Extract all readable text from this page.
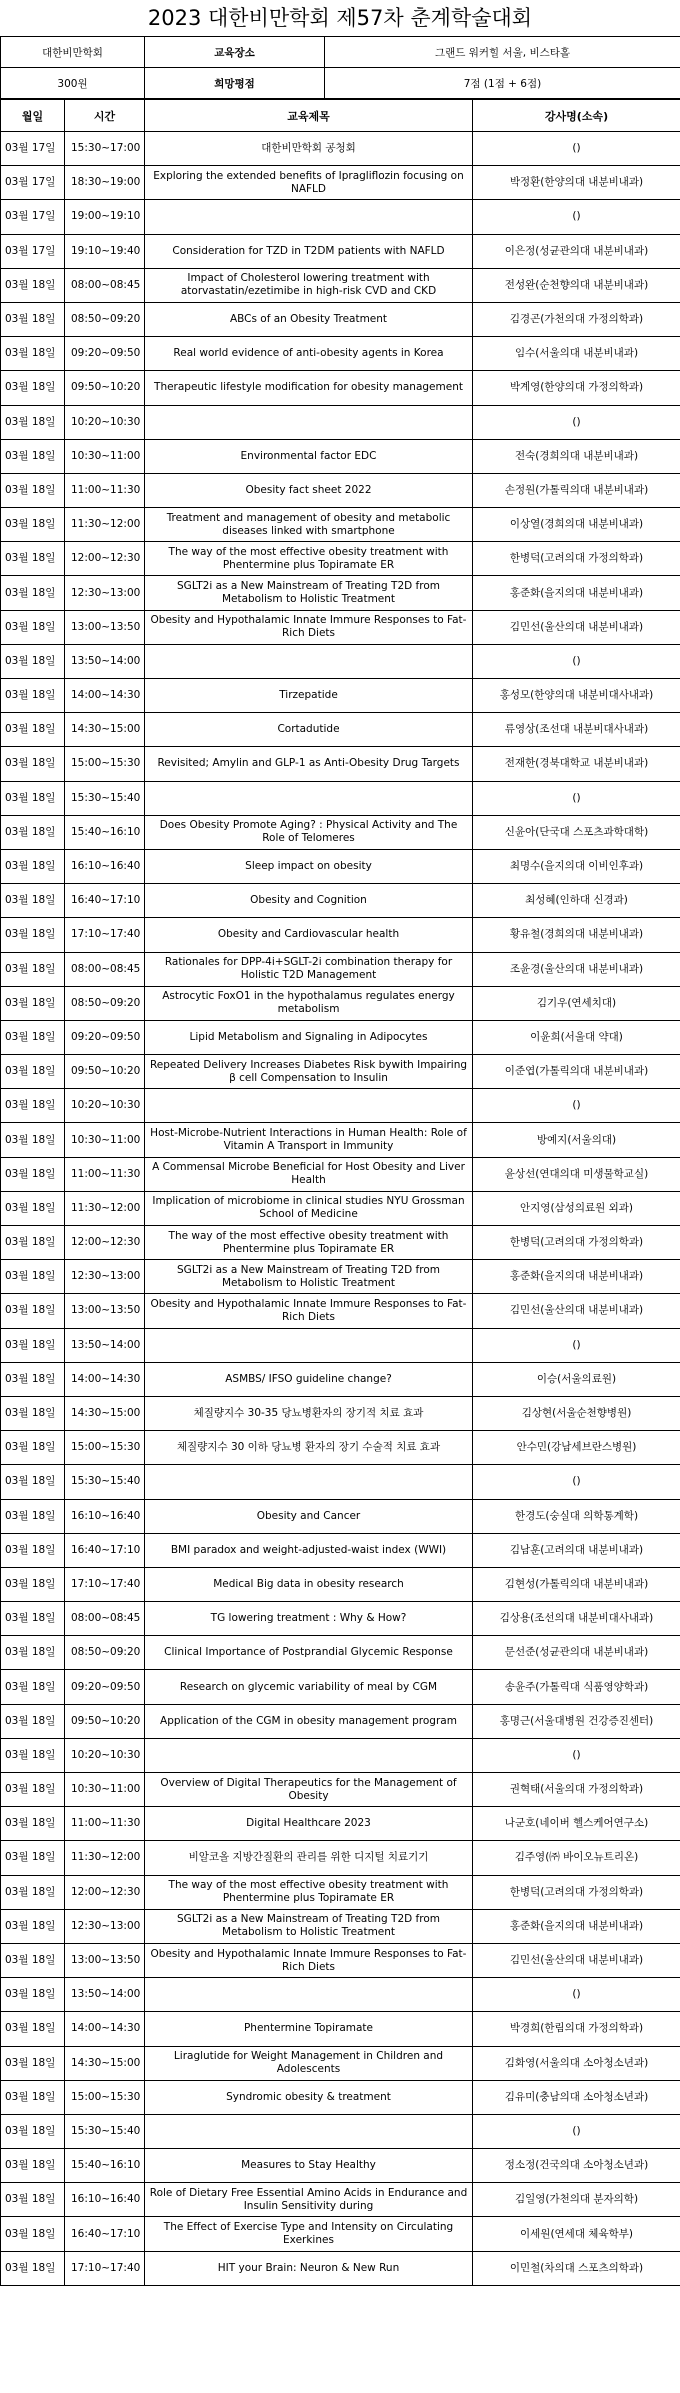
2023 대한비만학회 제57차 춘계학술대회
대한비만학회	교육장소	그랜드 워커힐 서울, 비스타홀
300원	희망평점	7점 (1점 + 6점)
월일	시간	교육제목	강사명(소속)
03월 17일	15:30~17:00	대한비만학회 공청회	()
03월 17일	18:30~19:00	Exploring the extended benefits of Ipragliflozin focusing on NAFLD	박정환(한양의대 내분비내과)
03월 17일	19:00~19:10		()
03월 17일	19:10~19:40	Consideration for TZD in T2DM patients with NAFLD	이은정(성균관의대 내분비내과)
03월 18일	08:00~08:45	Impact of Cholesterol lowering treatment with atorvastatin/ezetimibe in high-risk CVD and CKD	전성완(순천향의대 내분비내과)
03월 18일	08:50~09:20	ABCs of an Obesity Treatment	김경곤(가천의대 가정의학과)
03월 18일	09:20~09:50	Real world evidence of anti-obesity agents in Korea	임수(서울의대 내분비내과)
03월 18일	09:50~10:20	Therapeutic lifestyle modification for obesity management	박계영(한양의대 가정의학과)
03월 18일	10:20~10:30		()
03월 18일	10:30~11:00	Environmental factor EDC	전숙(경희의대 내분비내과)
03월 18일	11:00~11:30	Obesity fact sheet 2022	손정원(가톨릭의대 내분비내과)
03월 18일	11:30~12:00	Treatment and management of obesity and metabolic diseases linked with smartphone	이상열(경희의대 내분비내과)
03월 18일	12:00~12:30	The way of the most effective obesity treatment with Phentermine plus Topiramate ER	한병덕(고려의대 가정의학과)
03월 18일	12:30~13:00	SGLT2i as a New Mainstream of Treating T2D from Metabolism to Holistic Treatment	홍준화(을지의대 내분비내과)
03월 18일	13:00~13:50	Obesity and Hypothalamic Innate Immure Responses to Fat-Rich Diets	김민선(울산의대 내분비내과)
03월 18일	13:50~14:00		()
03월 18일	14:00~14:30	Tirzepatide	홍성모(한양의대 내분비대사내과)
03월 18일	14:30~15:00	Cortadutide	류영상(조선대 내분비대사내과)
03월 18일	15:00~15:30	Revisited; Amylin and GLP-1 as Anti-Obesity Drug Targets	전재한(경북대학교 내분비내과)
03월 18일	15:30~15:40		()
03월 18일	15:40~16:10	Does Obesity Promote Aging? : Physical Activity and The Role of Telomeres	신윤아(단국대 스포츠과학대학)
03월 18일	16:10~16:40	Sleep impact on obesity	최명수(을지의대 이비인후과)
03월 18일	16:40~17:10	Obesity and Cognition	최성혜(인하대 신경과)
03월 18일	17:10~17:40	Obesity and Cardiovascular health	황유철(경희의대 내분비내과)
03월 18일	08:00~08:45	Rationales for DPP-4i+SGLT-2i combination therapy for Holistic T2D Management	조윤경(울산의대 내분비내과)
03월 18일	08:50~09:20	Astrocytic FoxO1 in the hypothalamus regulates energy metabolism	김기우(연세치대)
03월 18일	09:20~09:50	Lipid Metabolism and Signaling in Adipocytes	이윤희(서울대 약대)
03월 18일	09:50~10:20	Repeated Delivery Increases Diabetes Risk bywith Impairing β cell Compensation to Insulin	이준엽(가톨릭의대 내분비내과)
03월 18일	10:20~10:30		()
03월 18일	10:30~11:00	Host-Microbe-Nutrient Interactions in Human Health: Role of Vitamin A Transport in Immunity	방예지(서울의대)
03월 18일	11:00~11:30	A Commensal Microbe Beneficial for Host Obesity and Liver Health	윤상선(연대의대 미생물학교실)
03월 18일	11:30~12:00	Implication of microbiome in clinical studies NYU Grossman School of Medicine	안지영(삼성의료원 외과)
03월 18일	12:00~12:30	The way of the most effective obesity treatment with Phentermine plus Topiramate ER	한병덕(고려의대 가정의학과)
03월 18일	12:30~13:00	SGLT2i as a New Mainstream of Treating T2D from Metabolism to Holistic Treatment	홍준화(을지의대 내분비내과)
03월 18일	13:00~13:50	Obesity and Hypothalamic Innate Immure Responses to Fat-Rich Diets	김민선(울산의대 내분비내과)
03월 18일	13:50~14:00		()
03월 18일	14:00~14:30	ASMBS/ IFSO guideline change?	이승(서울의료원)
03월 18일	14:30~15:00	체질량지수 30-35 당뇨병환자의 장기적 치료 효과	김상현(서울순천향병원)
03월 18일	15:00~15:30	체질량지수 30 이하 당뇨병 환자의 장기 수술적 치료 효과	안수민(강남세브란스병원)
03월 18일	15:30~15:40		()
03월 18일	16:10~16:40	Obesity and Cancer	한경도(숭실대 의학통계학)
03월 18일	16:40~17:10	BMI paradox and weight-adjusted-waist index (WWI)	김남훈(고려의대 내분비내과)
03월 18일	17:10~17:40	Medical Big data in obesity research	김현성(가톨릭의대 내분비내과)
03월 18일	08:00~08:45	TG lowering treatment : Why & How?	김상용(조선의대 내분비대사내과)
03월 18일	08:50~09:20	Clinical Importance of Postprandial Glycemic Response	문선준(성균관의대 내분비내과)
03월 18일	09:20~09:50	Research on glycemic variability of meal by CGM	송윤주(가톨릭대 식품영양학과)
03월 18일	09:50~10:20	Application of the CGM in obesity management program	홍명근(서울대병원 건강증진센터)
03월 18일	10:20~10:30		()
03월 18일	10:30~11:00	Overview of Digital Therapeutics for the Management of Obesity	권혁태(서울의대 가정의학과)
03월 18일	11:00~11:30	Digital Healthcare 2023	나군호(네이버 헬스케어연구소)
03월 18일	11:30~12:00	비알코올 지방간질환의 관리를 위한 디지털 치료기기	김주영(㈜ 바이오뉴트리온)
03월 18일	12:00~12:30	The way of the most effective obesity treatment with Phentermine plus Topiramate ER	한병덕(고려의대 가정의학과)
03월 18일	12:30~13:00	SGLT2i as a New Mainstream of Treating T2D from Metabolism to Holistic Treatment	홍준화(을지의대 내분비내과)
03월 18일	13:00~13:50	Obesity and Hypothalamic Innate Immure Responses to Fat-Rich Diets	김민선(울산의대 내분비내과)
03월 18일	13:50~14:00		()
03월 18일	14:00~14:30	Phentermine Topiramate	박경희(한림의대 가정의학과)
03월 18일	14:30~15:00	Liraglutide for Weight Management in Children and Adolescents	김화영(서울의대 소아청소년과)
03월 18일	15:00~15:30	Syndromic obesity & treatment	김유미(충남의대 소아청소년과)
03월 18일	15:30~15:40		()
03월 18일	15:40~16:10	Measures to Stay Healthy	정소정(건국의대 소아청소년과)
03월 18일	16:10~16:40	Role of Dietary Free Essential Amino Acids in Endurance and Insulin Sensitivity during	김일영(가천의대 분자의학)
03월 18일	16:40~17:10	The Effect of Exercise Type and Intensity on Circulating Exerkines	이세원(연세대 체육학부)
03월 18일	17:10~17:40	HIT your Brain: Neuron & New Run	이민철(차의대 스포츠의학과)
